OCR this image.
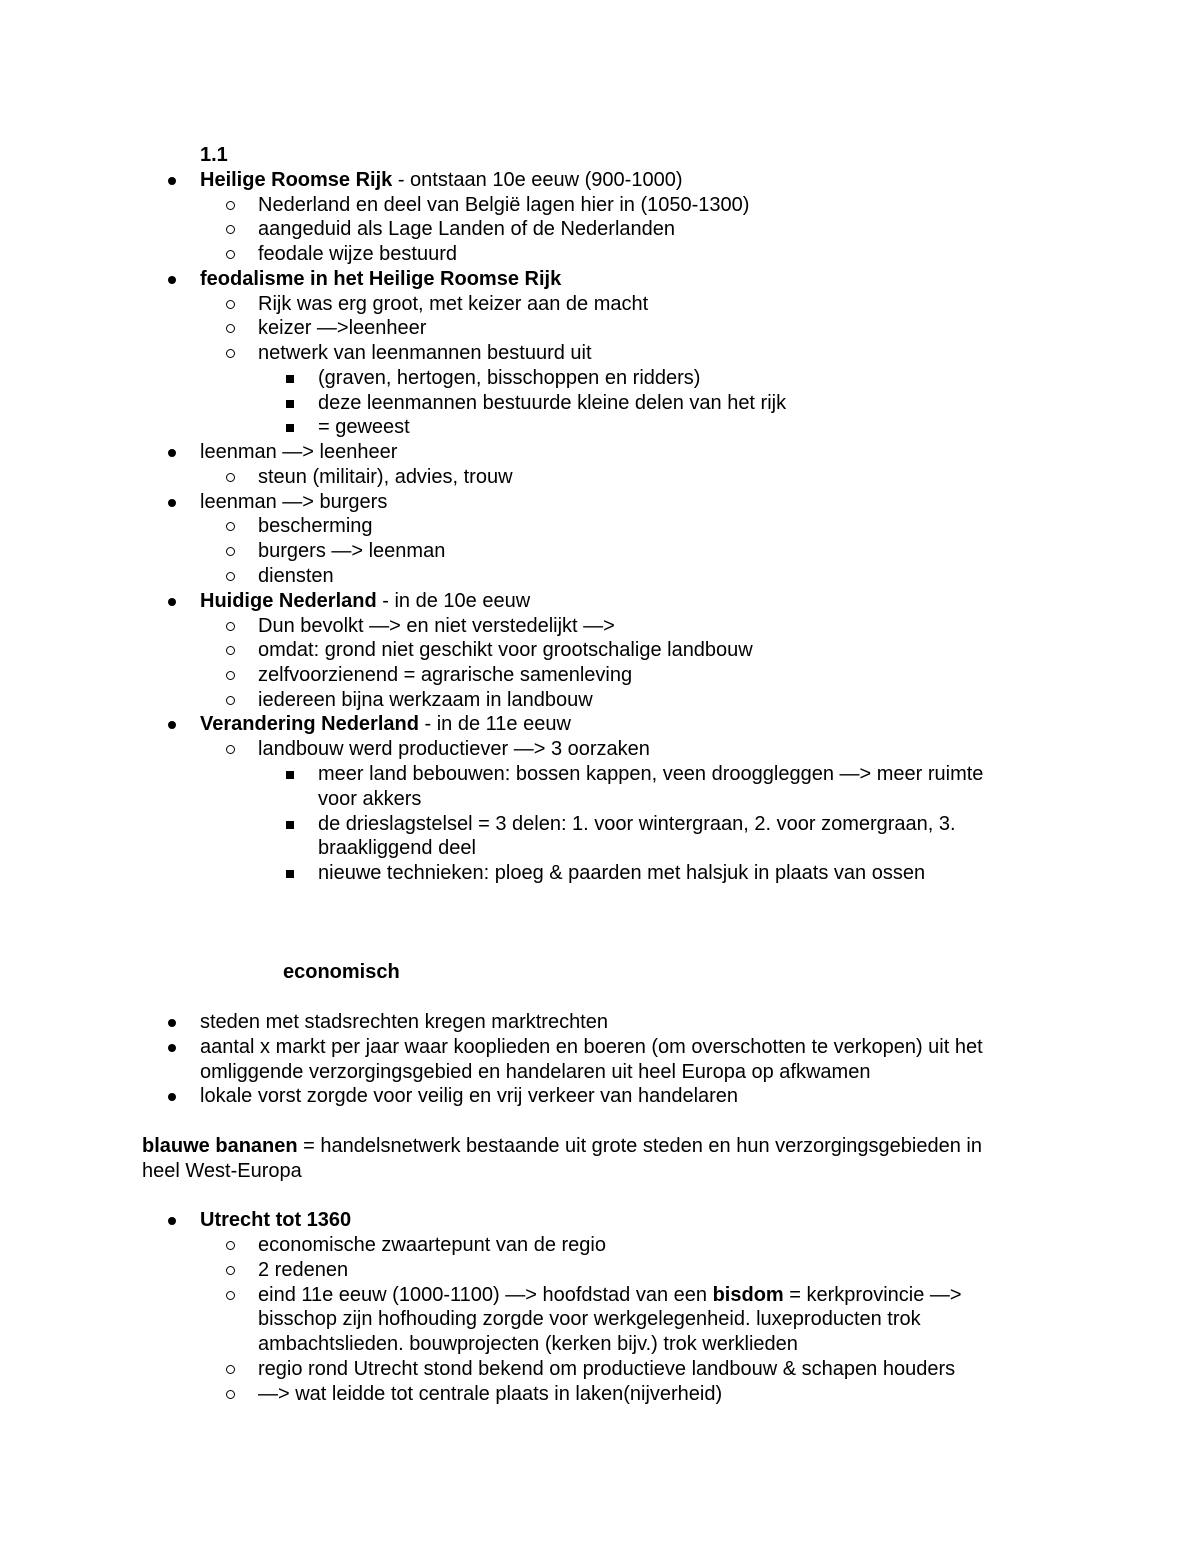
1.1
Heilige Roomse Rijk - ontstaan 10e eeuw (900-1000)
Nederland en deel van België lagen hier in (1050-1300)
aangeduid als Lage Landen of de Nederlanden
feodale wijze bestuurd
feodalisme in het Heilige Roomse Rijk
Rijk was erg groot, met keizer aan de macht
keizer —>leenheer
netwerk van leenmannen bestuurd uit
(graven, hertogen, bisschoppen en ridders)
deze leenmannen bestuurde kleine delen van het rijk
= geweest
leenman —> leenheer
steun (militair), advies, trouw
leenman —> burgers
bescherming
burgers —> leenman
diensten
Huidige Nederland - in de 10e eeuw
Dun bevolkt —> en niet verstedelijkt —>
omdat: grond niet geschikt voor grootschalige landbouw
zelfvoorzienend = agrarische samenleving
iedereen bijna werkzaam in landbouw
Verandering Nederland - in de 11e eeuw
landbouw werd productiever —> 3 oorzaken
meer land bebouwen: bossen kappen, veen drooggleggen —> meer ruimte
voor akkers
de drieslagstelsel = 3 delen: 1. voor wintergraan, 2. voor zomergraan, 3.
braakliggend deel
nieuwe technieken: ploeg & paarden met halsjuk in plaats van ossen
economisch
steden met stadsrechten kregen marktrechten
aantal x markt per jaar waar kooplieden en boeren (om overschotten te verkopen) uit het
omliggende verzorgingsgebied en handelaren uit heel Europa op afkwamen
lokale vorst zorgde voor veilig en vrij verkeer van handelaren
blauwe bananen = handelsnetwerk bestaande uit grote steden en hun verzorgingsgebieden in
heel West-Europa
Utrecht tot 1360
economische zwaartepunt van de regio
2 redenen
eind 11e eeuw (1000-1100) —> hoofdstad van een bisdom = kerkprovincie —>
bisschop zijn hofhouding zorgde voor werkgelegenheid. luxeproducten trok
ambachtslieden. bouwprojecten (kerken bijv.) trok werklieden
regio rond Utrecht stond bekend om productieve landbouw & schapen houders
—> wat leidde tot centrale plaats in laken(nijverheid)
